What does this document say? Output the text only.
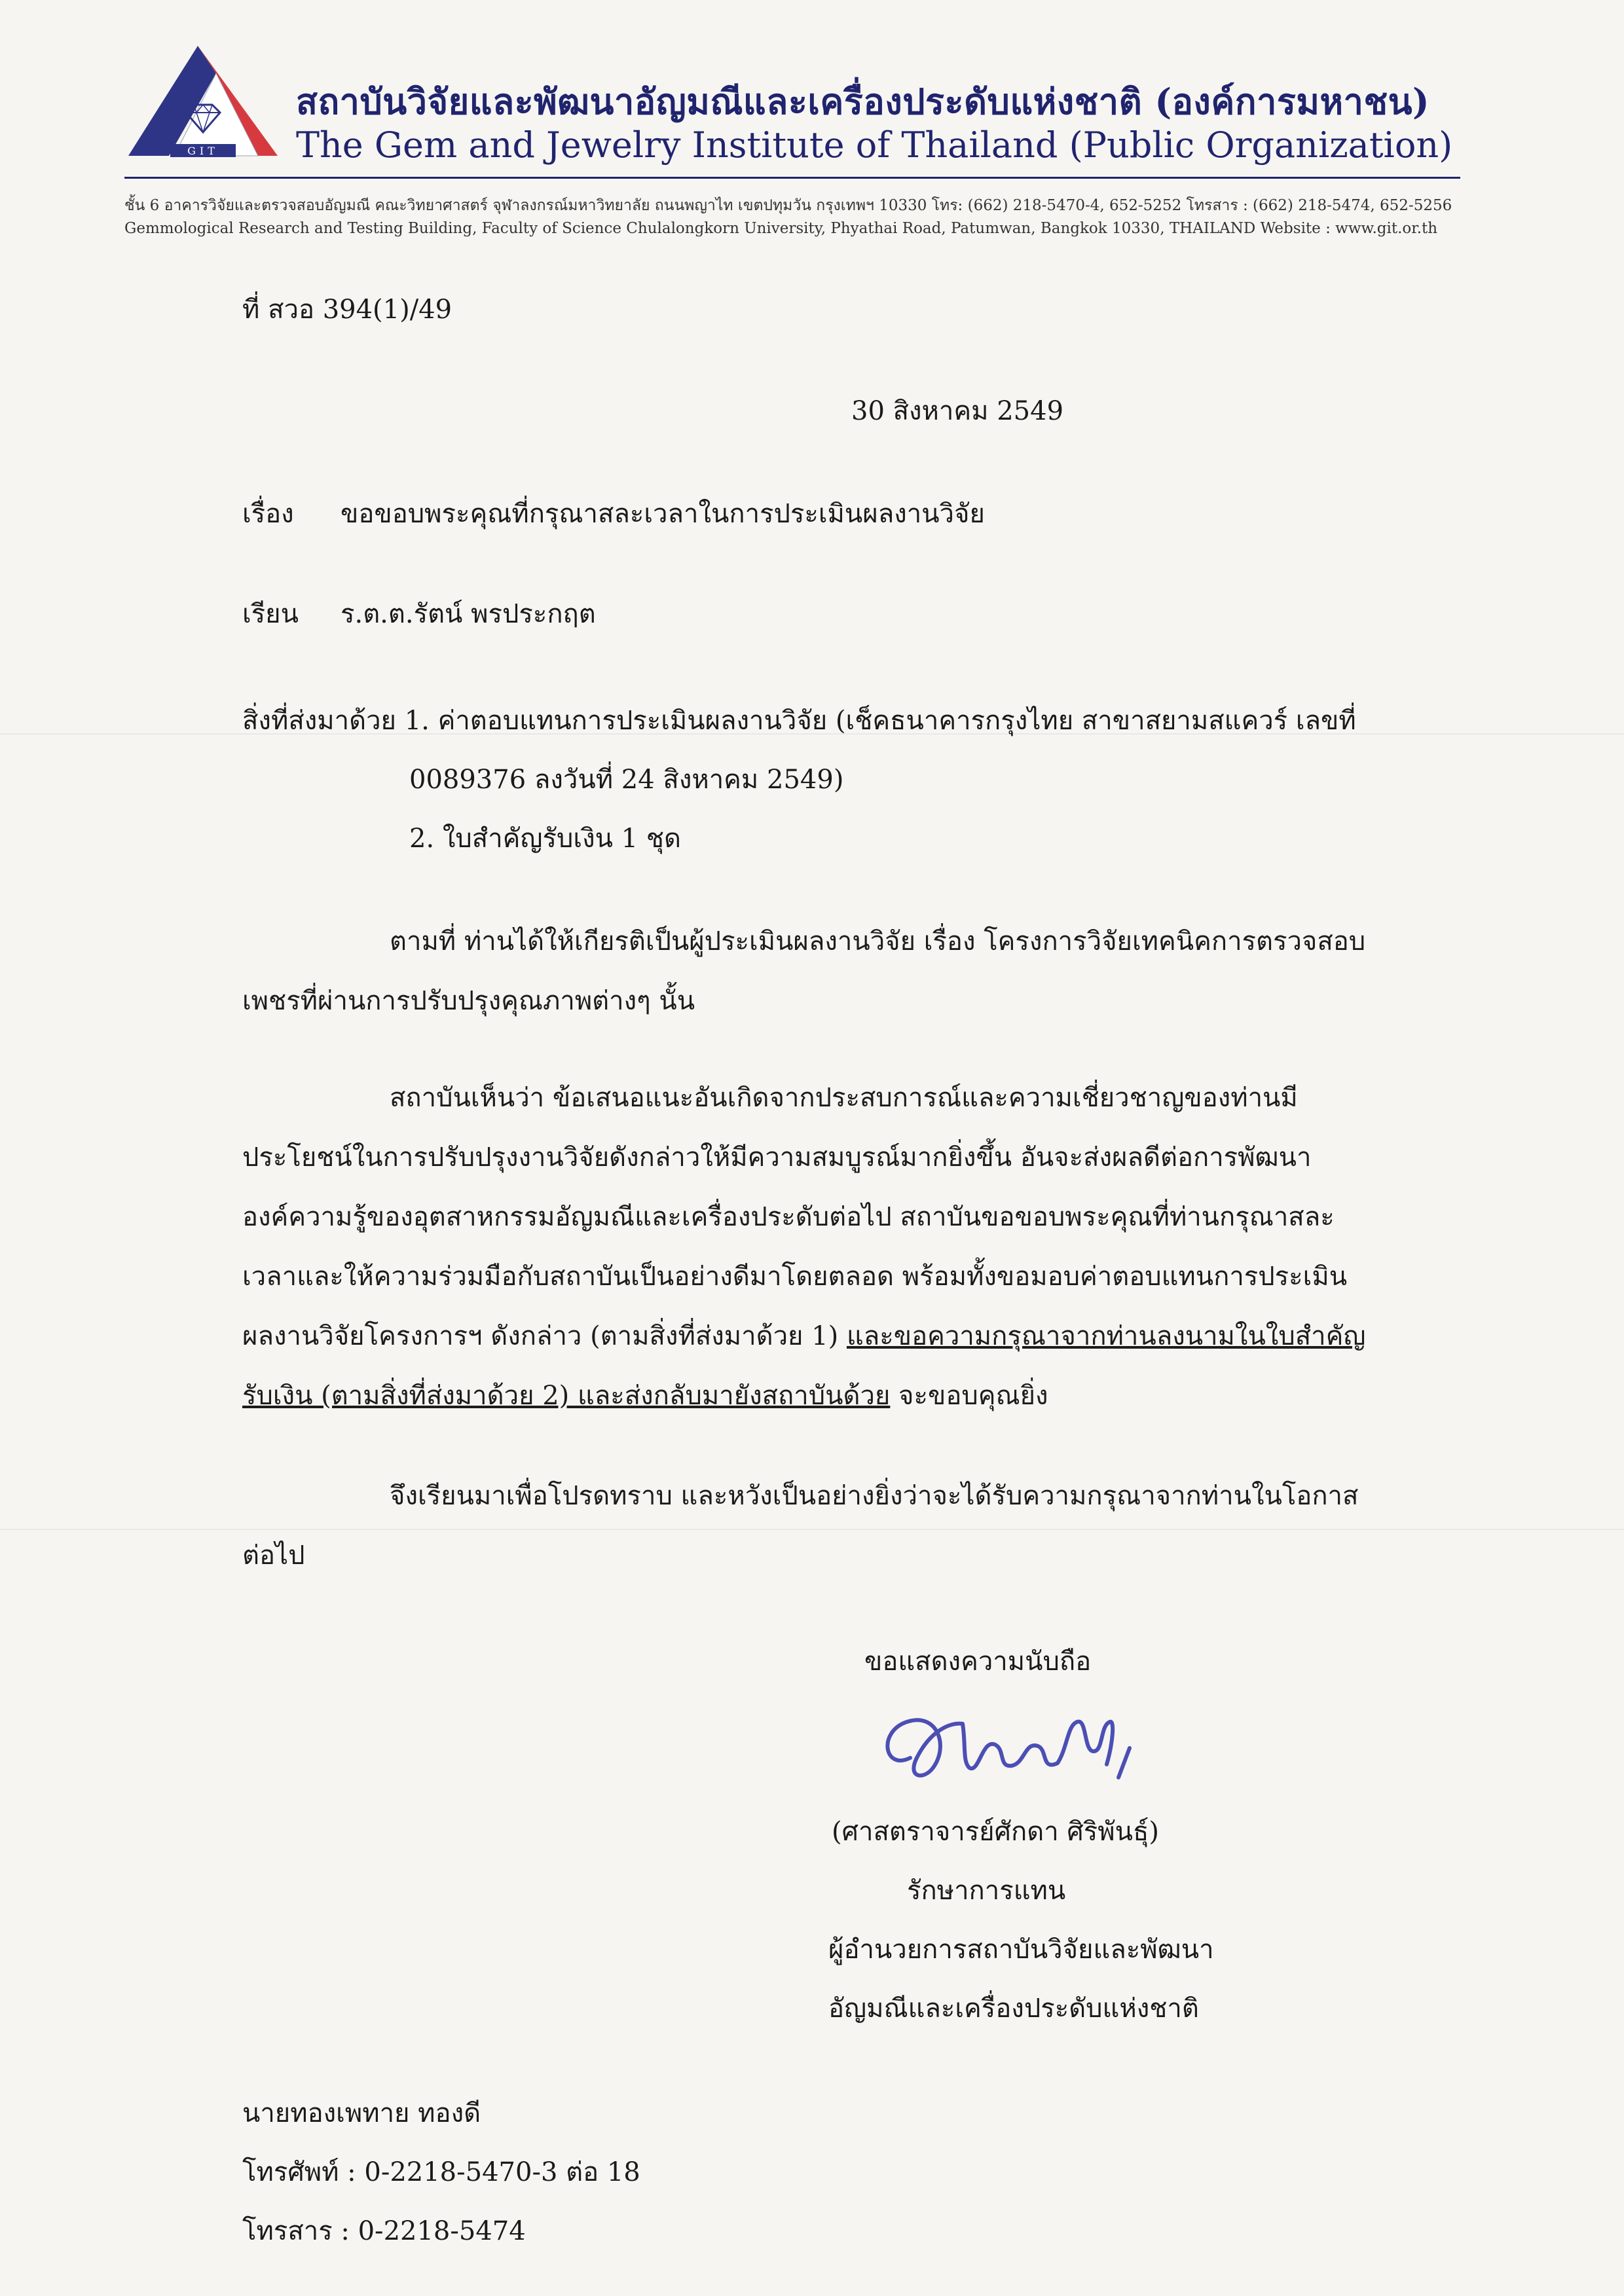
GIT
สถาบันวิจัยและพัฒนาอัญมณีและเครื่องประดับแห่งชาติ (องค์การมหาชน)
The Gem and Jewelry Institute of Thailand (Public Organization)
ชั้น 6 อาคารวิจัยและตรวจสอบอัญมณี คณะวิทยาศาสตร์ จุฬาลงกรณ์มหาวิทยาลัย ถนนพญาไท เขตปทุมวัน กรุงเทพฯ 10330 โทร: (662) 218-5470-4, 652-5252 โทรสาร : (662) 218-5474, 652-5256
Gemmological Research and Testing Building, Faculty of Science Chulalongkorn University, Phyathai Road, Patumwan, Bangkok 10330, THAILAND Website : www.git.or.th
ที่ สวอ 394(1)/49
30 สิงหาคม 2549
เรื่อง ขอขอบพระคุณที่กรุณาสละเวลาในการประเมินผลงานวิจัย
เรียน ร.ต.ต.รัตน์ พรประกฤต
สิ่งที่ส่งมาด้วย 1. ค่าตอบแทนการประเมินผลงานวิจัย (เช็คธนาคารกรุงไทย สาขาสยามสแควร์ เลขที่
0089376 ลงวันที่ 24 สิงหาคม 2549)
2. ใบสำคัญรับเงิน 1 ชุด

ตามที่ ท่านได้ให้เกียรติเป็นผู้ประเมินผลงานวิจัย เรื่อง โครงการวิจัยเทคนิคการตรวจสอบ

เพชรที่ผ่านการปรับปรุงคุณภาพต่างๆ นั้น

สถาบันเห็นว่า ข้อเสนอแนะอันเกิดจากประสบการณ์และความเชี่ยวชาญของท่านมี

ประโยชน์ในการปรับปรุงงานวิจัยดังกล่าวให้มีความสมบูรณ์มากยิ่งขึ้น อันจะส่งผลดีต่อการพัฒนา

องค์ความรู้ของอุตสาหกรรมอัญมณีและเครื่องประดับต่อไป สถาบันขอขอบพระคุณที่ท่านกรุณาสละ

เวลาและให้ความร่วมมือกับสถาบันเป็นอย่างดีมาโดยตลอด พร้อมทั้งขอมอบค่าตอบแทนการประเมิน

ผลงานวิจัยโครงการฯ ดังกล่าว (ตามสิ่งที่ส่งมาด้วย 1) และขอความกรุณาจากท่านลงนามในใบสำคัญ

รับเงิน (ตามสิ่งที่ส่งมาด้วย 2) และส่งกลับมายังสถาบันด้วย จะขอบคุณยิ่ง

จึงเรียนมาเพื่อโปรดทราบ และหวังเป็นอย่างยิ่งว่าจะได้รับความกรุณาจากท่านในโอกาส

ต่อไป

ขอแสดงความนับถือ
(ศาสตราจารย์ศักดา ศิริพันธุ์)
รักษาการแทน
ผู้อำนวยการสถาบันวิจัยและพัฒนา
อัญมณีและเครื่องประดับแห่งชาติ
นายทองเพทาย ทองดี
โทรศัพท์ : 0-2218-5470-3 ต่อ 18
โทรสาร : 0-2218-5474
